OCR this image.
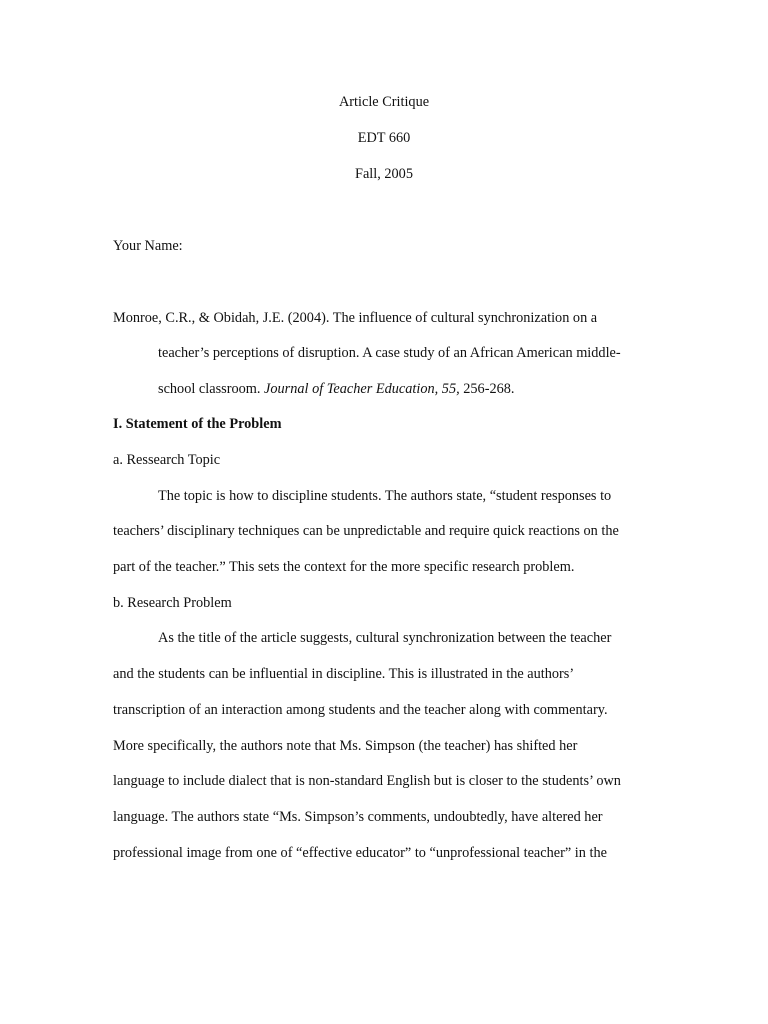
Article Critique
EDT 660
Fall, 2005
Your Name:
Monroe, C.R., & Obidah, J.E. (2004). The influence of cultural synchronization on a
teacher’s perceptions of disruption. A case study of an African American middle-
school classroom. Journal of Teacher Education, 55, 256-268.
I. Statement of the Problem
a. Ressearch Topic
The topic is how to discipline students. The authors state, “student responses to
teachers’ disciplinary techniques can be unpredictable and require quick reactions on the
part of the teacher.” This sets the context for the more specific research problem.
b. Research Problem
As the title of the article suggests, cultural synchronization between the teacher
and the students can be influential in discipline. This is illustrated in the authors’
transcription of an interaction among students and the teacher along with commentary.
More specifically, the authors note that Ms. Simpson (the teacher) has shifted her
language to include dialect that is non-standard English but is closer to the students’ own
language. The authors state “Ms. Simpson’s comments, undoubtedly, have altered her
professional image from one of “effective educator” to “unprofessional teacher” in the
